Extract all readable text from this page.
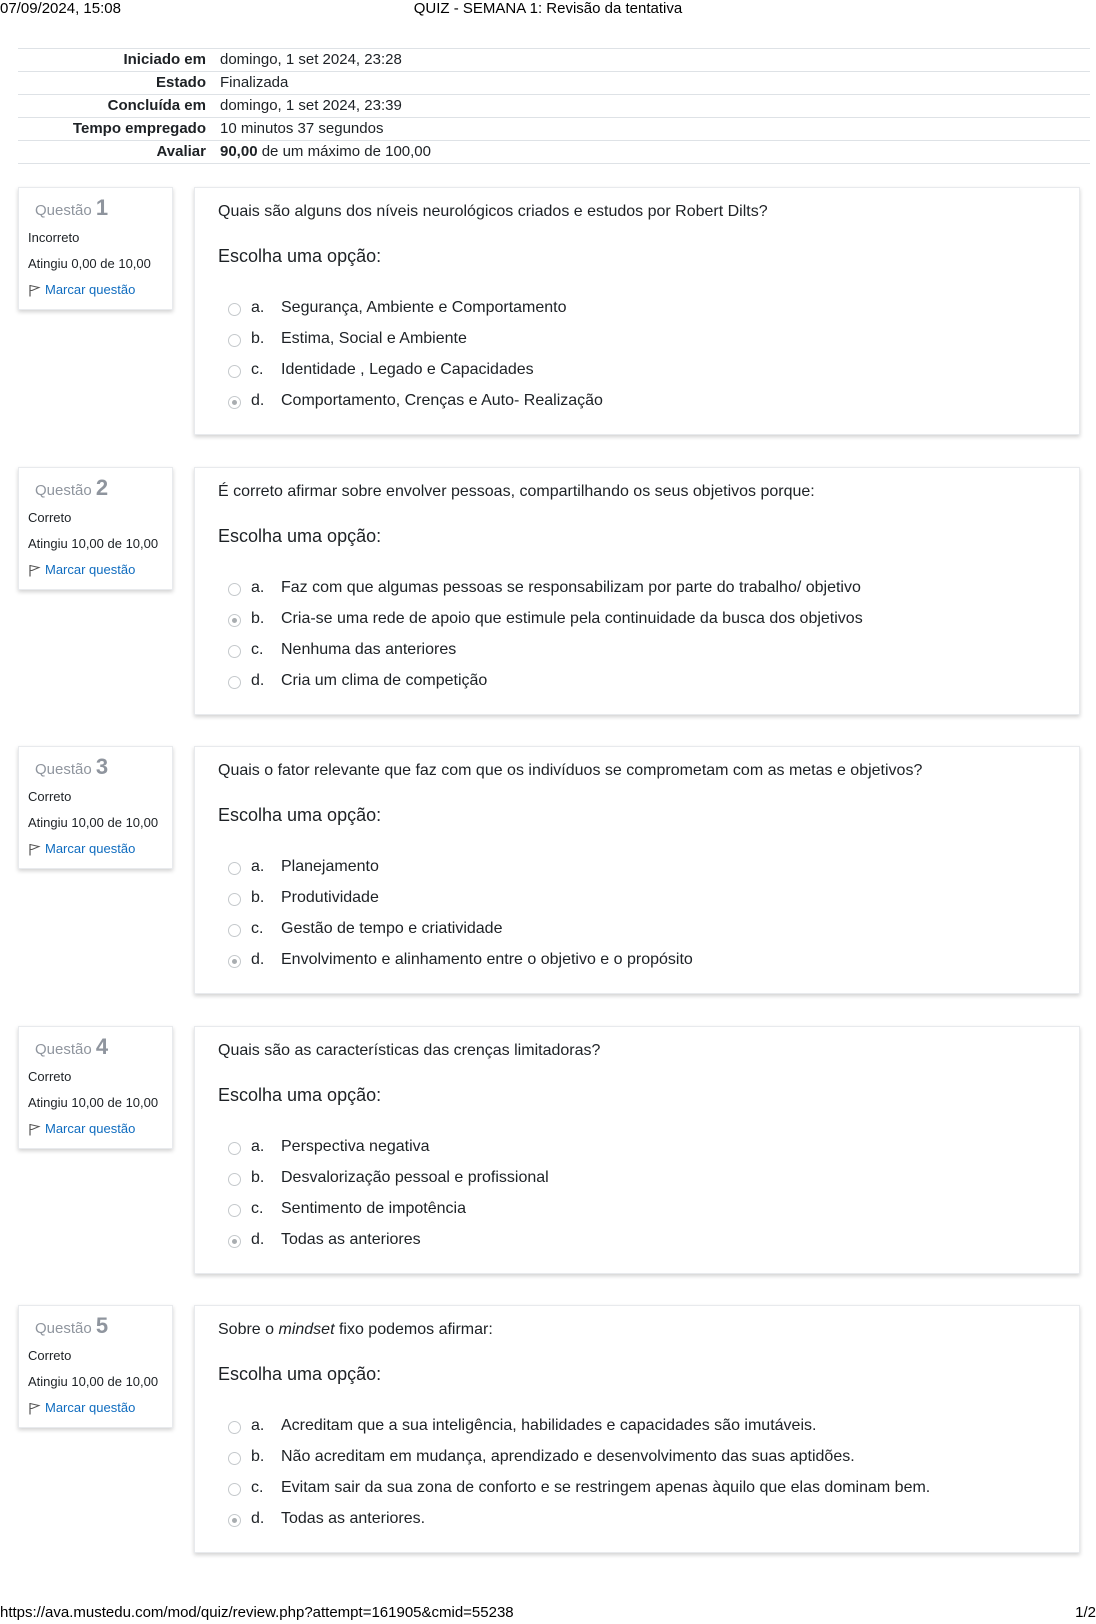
07/09/2024, 15:08	QUIZ - SEMANA 1: Revisão da tentativa
Iniciado em	domingo, 1 set 2024, 23:28
Estado	Finalizada
Concluída em	domingo, 1 set 2024, 23:39
Tempo empregado	10 minutos 37 segundos
Avaliar	90,00 de um máximo de 100,00
Questão 1
Incorreto
Atingiu 0,00 de 10,00
Marcar questão
Quais são alguns dos níveis neurológicos criados e estudos por Robert Dilts?
Escolha uma opção:
a.	Segurança, Ambiente e Comportamento
b.	Estima, Social e Ambiente
c.	Identidade , Legado e Capacidades
d.	Comportamento, Crenças e Auto- Realização
Questão 2
Correto
Atingiu 10,00 de 10,00
Marcar questão
É correto afirmar sobre envolver pessoas, compartilhando os seus objetivos porque:
Escolha uma opção:
a.	Faz com que algumas pessoas se responsabilizam por parte do trabalho/ objetivo
b.	Cria-se uma rede de apoio que estimule pela continuidade da busca dos objetivos
c.	Nenhuma das anteriores
d.	Cria um clima de competição
Questão 3
Correto
Atingiu 10,00 de 10,00
Marcar questão
Quais o fator relevante que faz com que os indivíduos se comprometam com as metas e objetivos?
Escolha uma opção:
a.	Planejamento
b.	Produtividade
c.	Gestão de tempo e criatividade
d.	Envolvimento e alinhamento entre o objetivo e o propósito
Questão 4
Correto
Atingiu 10,00 de 10,00
Marcar questão
Quais são as características das crenças limitadoras?
Escolha uma opção:
a.	Perspectiva negativa
b.	Desvalorização pessoal e profissional
c.	Sentimento de impotência
d.	Todas as anteriores
Questão 5
Correto
Atingiu 10,00 de 10,00
Marcar questão
Sobre o mindset fixo podemos afirmar:
Escolha uma opção:
a.	Acreditam que a sua inteligência, habilidades e capacidades são imutáveis.
b.	Não acreditam em mudança, aprendizado e desenvolvimento das suas aptidões.
c.	Evitam sair da sua zona de conforto e se restringem apenas àquilo que elas dominam bem.
d.	Todas as anteriores.
https://ava.mustedu.com/mod/quiz/review.php?attempt=161905&cmid=55238	1/2
